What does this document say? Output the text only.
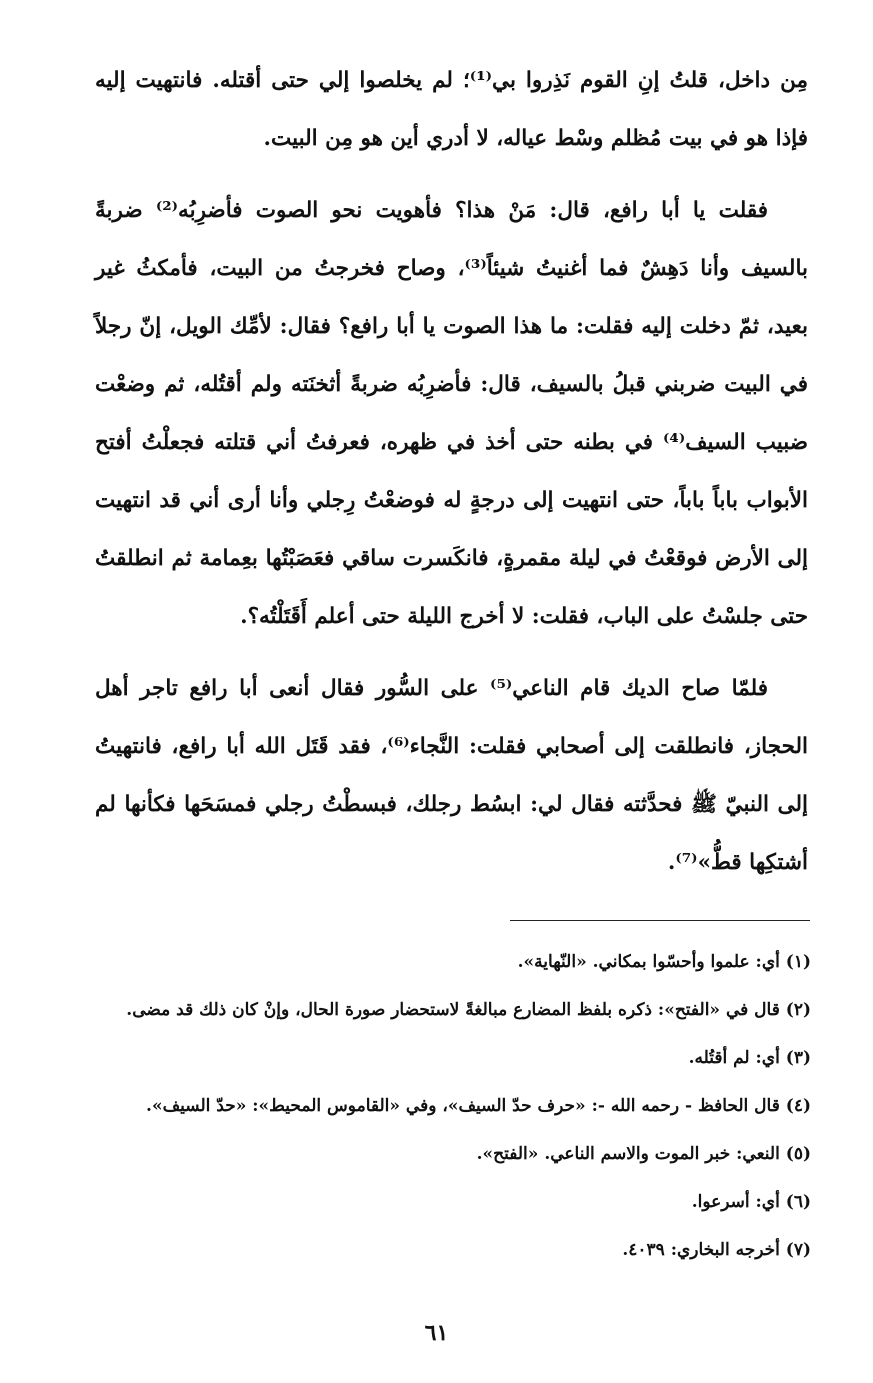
مِن داخل، قلتُ إنِ القوم نَذِروا بي⁽¹⁾؛ لم يخلصوا إلي حتى أقتله. فانتهيت إليه فإذا هو في بيت مُظلم وسْط عياله، لا أدري أين هو مِن البيت.

فقلت يا أبا رافع، قال: مَنْ هذا؟ فأهويت نحو الصوت فأضرِبُه⁽²⁾ ضربةً بالسيف وأنا دَهِشٌ فما أغنيتُ شيئاً⁽³⁾، وصاح فخرجتُ من البيت، فأمكثُ غير بعيد، ثمّ دخلت إليه فقلت: ما هذا الصوت يا أبا رافع؟ فقال: لأمِّك الويل، إنّ رجلاً في البيت ضربني قبلُ بالسيف، قال: فأضرِبُه ضربةً أثخنَته ولم أقتُله، ثم وضعْت ضبيب السيف⁽⁴⁾ في بطنه حتى أخذ في ظهره، فعرفتُ أني قتلته فجعلْتُ أفتح الأبواب باباً باباً، حتى انتهيت إلى درجةٍ له فوضعْتُ رِجلي وأنا أرى أني قد انتهيت إلى الأرض فوقعْتُ في ليلة مقمرةٍ، فانكَسرت ساقي فعَصَبْتُها بعِمامة ثم انطلقتُ حتى جلسْتُ على الباب، فقلت: لا أخرج الليلة حتى أعلم أَقَتَلْتُه؟.

فلمّا صاح الديك قام الناعي⁽⁵⁾ على السُّور فقال أنعى أبا رافع تاجر أهل الحجاز، فانطلقت إلى أصحابي فقلت: النَّجاء⁽⁶⁾، فقد قَتَل الله أبا رافع، فانتهيتُ إلى النبيّ ﷺ فحدَّثته فقال لي: ابسُط رجلك، فبسطْتُ رجلي فمسَحَها فكأنها لم أشتكِها قطُّ»⁽⁷⁾.

(١) أي: علموا وأحسّوا بمكاني. «النّهاية».

(٢) قال في «الفتح»: ذكره بلفظ المضارع مبالغةً لاستحضار صورة الحال، وإنْ كان ذلك قد مضى.

(٣) أي: لم أقتُله.

(٤) قال الحافظ - رحمه الله -: «حرف حدّ السيف»، وفي «القاموس المحيط»: «حدّ السيف».

(٥) النعي: خبر الموت والاسم الناعي. «الفتح».

(٦) أي: أسرعوا.

(٧) أخرجه البخاري: ٤٠٣٩.

٦١
